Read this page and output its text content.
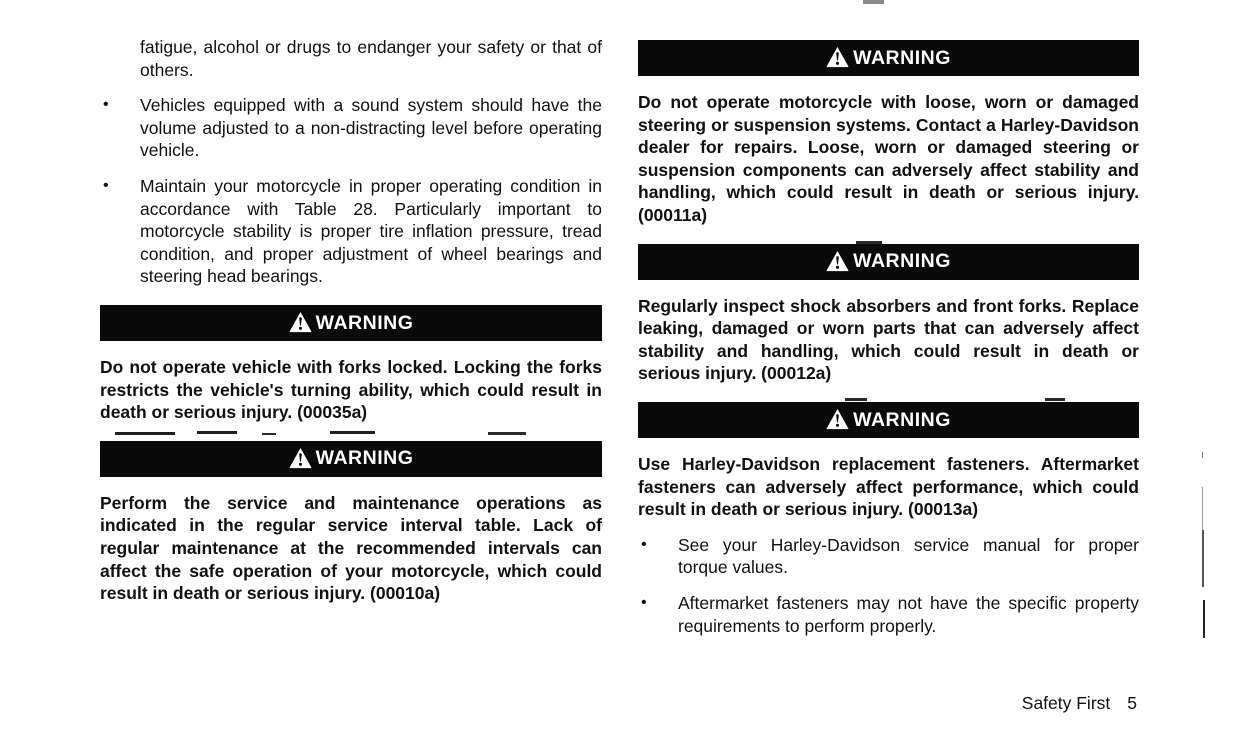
fatigue, alcohol or drugs to endanger your safety or that of others.

• Vehicles equipped with a sound system should have the volume adjusted to a non-distracting level before operating vehicle.
• Maintain your motorcycle in proper operating condition in accordance with Table 28. Particularly important to motorcycle stability is proper tire inflation pressure, tread condition, and proper adjustment of wheel bearings and steering head bearings.
WARNING

Do not operate vehicle with forks locked. Locking the forks restricts the vehicle's turning ability, which could result in death or serious injury. (00035a)

WARNING

Perform the service and maintenance operations as indicated in the regular service interval table. Lack of regular maintenance at the recommended intervals can affect the safe operation of your motorcycle, which could result in death or serious injury. (00010a)

WARNING

Do not operate motorcycle with loose, worn or damaged steering or suspension systems. Contact a Harley-Davidson dealer for repairs. Loose, worn or damaged steering or suspension components can adversely affect stability and handling, which could result in death or serious injury. (00011a)

WARNING

Regularly inspect shock absorbers and front forks. Replace leaking, damaged or worn parts that can adversely affect stability and handling, which could result in death or serious injury. (00012a)

WARNING

Use Harley-Davidson replacement fasteners. Aftermarket fasteners can adversely affect performance, which could result in death or serious injury. (00013a)

• See your Harley-Davidson service manual for proper torque values.
• Aftermarket fasteners may not have the specific property requirements to perform properly.
Safety First 5
